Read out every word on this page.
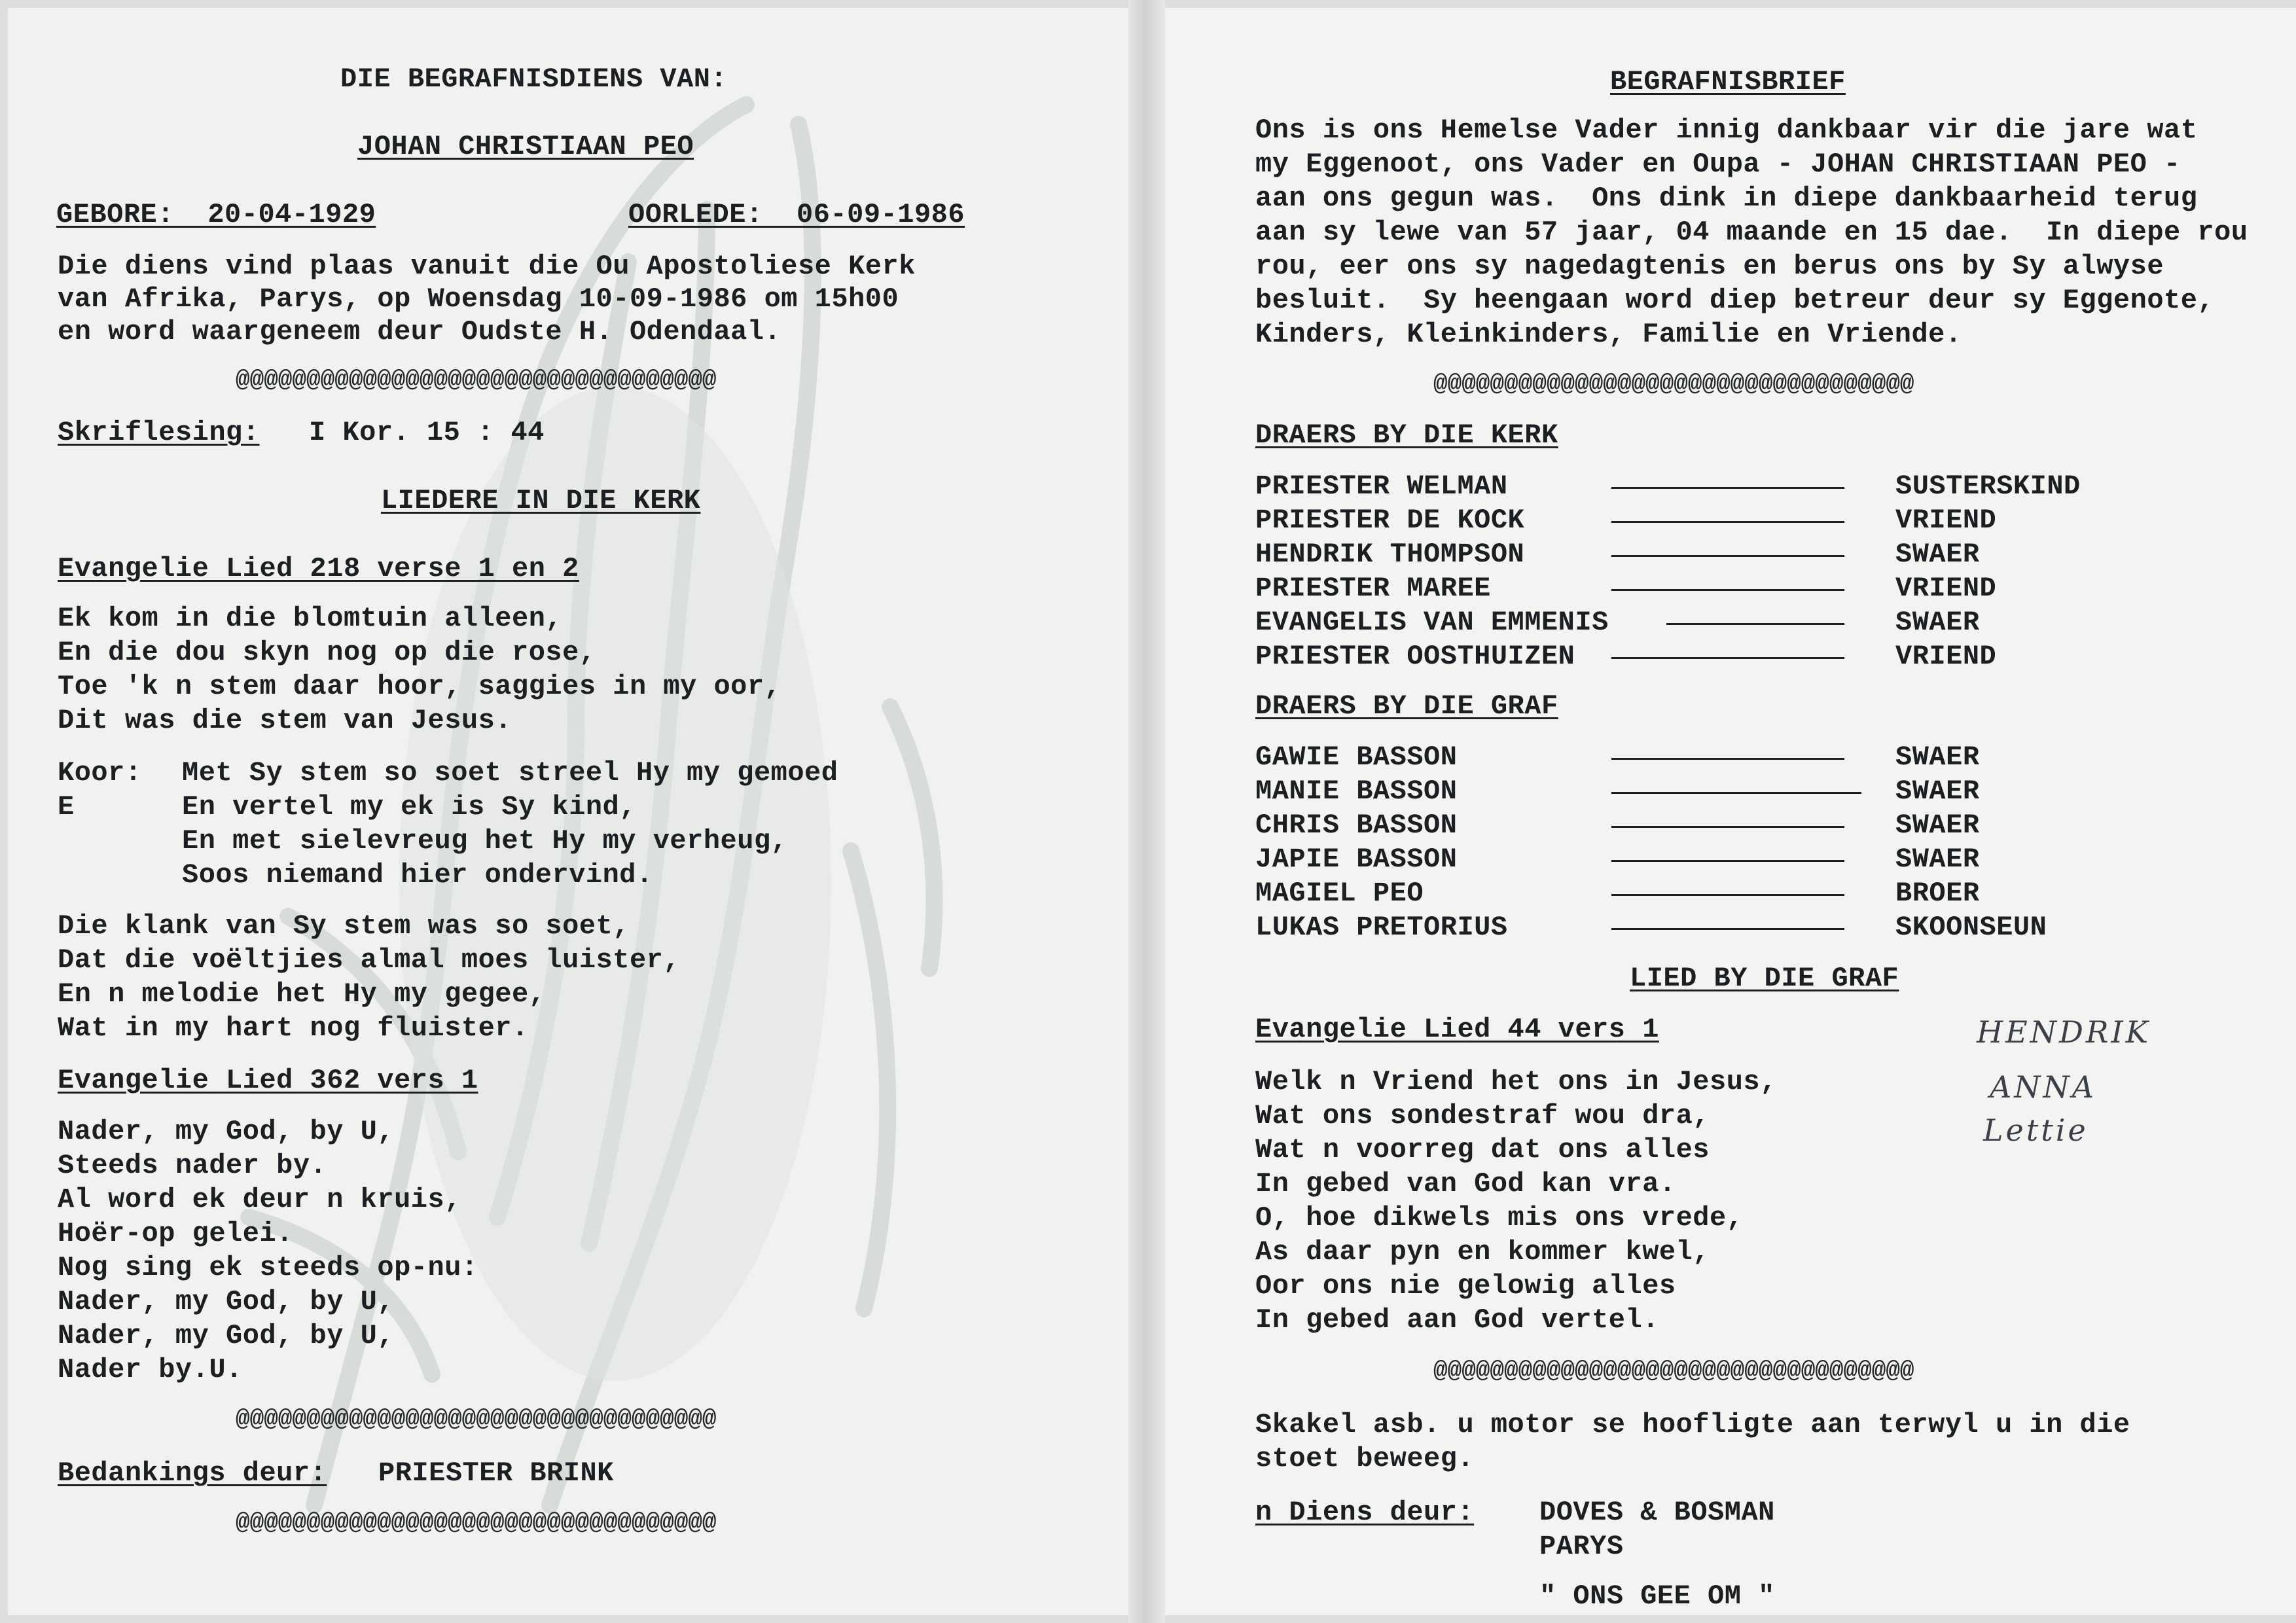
DIE BEGRAFNISDIENS VAN:
JOHAN CHRISTIAAN PEO
GEBORE:  20-04-1929	OORLEDE:  06-09-1986
Die diens vind plaas vanuit die Ou Apostoliese Kerk
van Afrika, Parys, op Woensdag 10-09-1986 om 15h00
en word waargeneem deur Oudste H. Odendaal.
@@@@@@@@@@@@@@@@@@@@@@@@@@@@@@@@@@
Skriflesing: I Kor. 15 : 44
LIEDERE IN DIE KERK
Evangelie Lied 218 verse 1 en 2
Ek kom in die blomtuin alleen,
En die dou skyn nog op die rose,
Toe 'k n stem daar hoor, saggies in my oor,
Dit was die stem van Jesus.
Koor:
E
Met Sy stem so soet streel Hy my gemoed
En vertel my ek is Sy kind,
En met sielevreug het Hy my verheug,
Soos niemand hier ondervind.
Die klank van Sy stem was so soet,
Dat die voëltjies almal moes luister,
En n melodie het Hy my gegee,
Wat in my hart nog fluister.
Evangelie Lied 362 vers 1
Nader, my God, by U,
Steeds nader by.
Al word ek deur n kruis,
Hoër-op gelei.
Nog sing ek steeds op-nu:
Nader, my God, by U,
Nader, my God, by U,
Nader by.U.
@@@@@@@@@@@@@@@@@@@@@@@@@@@@@@@@@@
Bedankings deur: PRIESTER BRINK
@@@@@@@@@@@@@@@@@@@@@@@@@@@@@@@@@@
BEGRAFNISBRIEF
Ons is ons Hemelse Vader innig dankbaar vir die jare wat
my Eggenoot, ons Vader en Oupa - JOHAN CHRISTIAAN PEO -
aan ons gegun was.  Ons dink in diepe dankbaarheid terug
aan sy lewe van 57 jaar, 04 maande en 15 dae.  In diepe rou
rou, eer ons sy nagedagtenis en berus ons by Sy alwyse
besluit.  Sy heengaan word diep betreur deur sy Eggenote,
Kinders, Kleinkinders, Familie en Vriende.
@@@@@@@@@@@@@@@@@@@@@@@@@@@@@@@@@@
DRAERS BY DIE KERK
PRIESTER WELMAN	SUSTERSKIND
PRIESTER DE KOCK	VRIEND
HENDRIK THOMPSON	SWAER
PRIESTER MAREE	VRIEND
EVANGELIS VAN EMMENIS	SWAER
PRIESTER OOSTHUIZEN	VRIEND
DRAERS BY DIE GRAF
GAWIE BASSON	SWAER
MANIE BASSON	SWAER
CHRIS BASSON	SWAER
JAPIE BASSON	SWAER
MAGIEL PEO	BROER
LUKAS PRETORIUS	SKOONSEUN
LIED BY DIE GRAF
Evangelie Lied 44 vers 1
Welk n Vriend het ons in Jesus,
Wat ons sondestraf wou dra,
Wat n voorreg dat ons alles
In gebed van God kan vra.
O, hoe dikwels mis ons vrede,
As daar pyn en kommer kwel,
Oor ons nie gelowig alles
In gebed aan God vertel.
HENDRIK
ANNA
Lettie
@@@@@@@@@@@@@@@@@@@@@@@@@@@@@@@@@@
Skakel asb. u motor se hoofligte aan terwyl u in die
stoet beweeg.
n Diens deur: DOVES & BOSMAN
PARYS
" ONS GEE OM "
